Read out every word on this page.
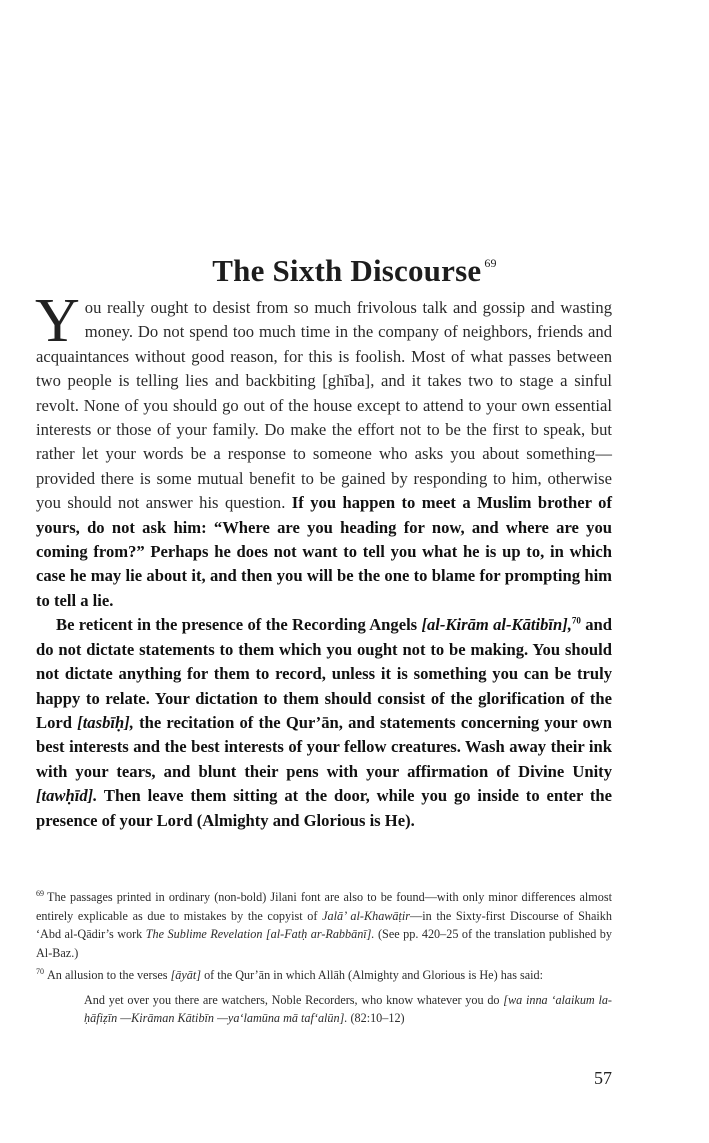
The Sixth Discourse $^{69}$

You really ought to desist from so much frivolous talk and gossip and wasting money. Do not spend too much time in the company of neighbors, friends and acquaintances without good reason, for this is foolish. Most of what passes between two people is telling lies and backbiting [ghība], and it takes two to stage a sinful revolt. None of you should go out of the house except to attend to your own essential interests or those of your family. Do make the effort not to be the first to speak, but rather let your words be a response to someone who asks you about something—provided there is some mutual benefit to be gained by responding to him, otherwise you should not answer his question. If you happen to meet a Muslim brother of yours, do not ask him: “Where are you heading for now, and where are you coming from?” Perhaps he does not want to tell you what he is up to, in which case he may lie about it, and then you will be the one to blame for prompting him to tell a lie.

Be reticent in the presence of the Recording Angels [al-Kirām al-Kātibīn],$^{70}$ and do not dictate statements to them which you ought not to be making. You should not dictate anything for them to record, unless it is something you can be truly happy to relate. Your dictation to them should consist of the glorification of the Lord [tasbīḥ], the recitation of the Qur’ān, and statements concerning your own best interests and the best interests of your fellow creatures. Wash away their ink with your tears, and blunt their pens with your affirmation of Divine Unity [tawḥīd]. Then leave them sitting at the door, while you go inside to enter the presence of your Lord (Almighty and Glorious is He).

$^{69}$ The passages printed in ordinary (non-bold) Jilani font are also to be found—with only minor differences almost entirely explicable as due to mistakes by the copyist of Jalā’ al-Khawāṭir—in the Sixty-first Discourse of Shaikh ‘Abd al-Qādir’s work The Sublime Revelation [al-Fatḥ ar-Rabbānī]. (See pp. 420–25 of the translation published by Al-Baz.)

$^{70}$ An allusion to the verses [āyāt] of the Qur’ān in which Allāh (Almighty and Glorious is He) has said:

And yet over you there are watchers, Noble Recorders, who know whatever you do [wa inna ‘alaikum la-ḥāfiẓīn —Kirāman Kātibīn —ya‘lamūna mā taf‘alūn]. (82:10–12)

57
